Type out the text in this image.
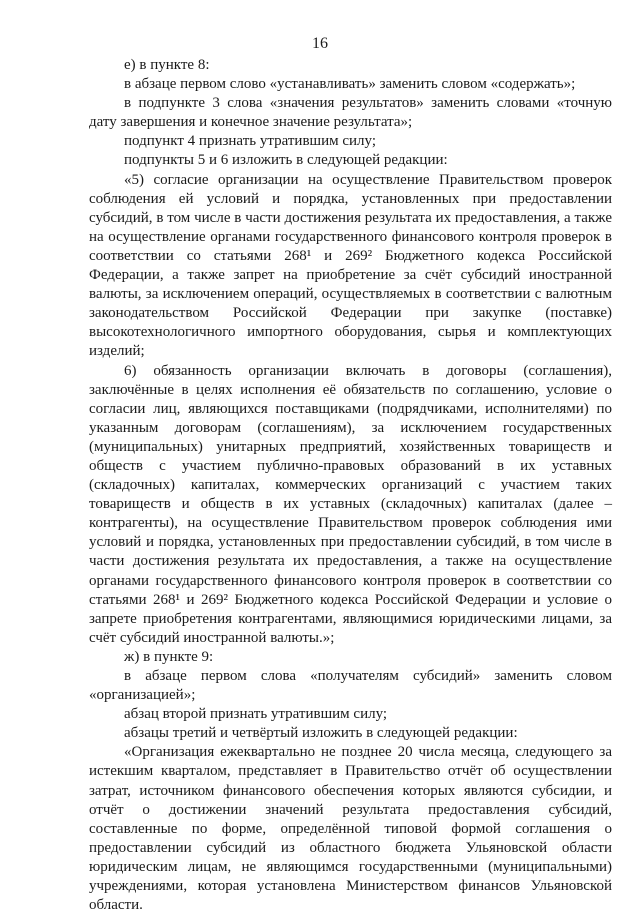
16

е) в пункте 8:

в абзаце первом слово «устанавливать» заменить словом «содержать»;

в подпункте 3 слова «значения результатов» заменить словами «точную дату завершения и конечное значение результата»;

подпункт 4 признать утратившим силу;

подпункты 5 и 6 изложить в следующей редакции:

«5) согласие организации на осуществление Правительством проверок соблюдения ей условий и порядка, установленных при предоставлении субсидий, в том числе в части достижения результата их предоставления, а также на осуществление органами государственного финансового контроля проверок в соответствии со статьями 268¹ и 269² Бюджетного кодекса Российской Федерации, а также запрет на приобретение за счёт субсидий иностранной валюты, за исключением операций, осуществляемых в соответствии с валютным законодательством Российской Федерации при закупке (поставке) высокотехнологичного импортного оборудования, сырья и комплектующих изделий;

6) обязанность организации включать в договоры (соглашения), заключённые в целях исполнения её обязательств по соглашению, условие о согласии лиц, являющихся поставщиками (подрядчиками, исполнителями) по указанным договорам (соглашениям), за исключением государственных (муниципальных) унитарных предприятий, хозяйственных товариществ и обществ с участием публично-правовых образований в их уставных (складочных) капиталах, коммерческих организаций с участием таких товариществ и обществ в их уставных (складочных) капиталах (далее – контрагенты), на осуществление Правительством проверок соблюдения ими условий и порядка, установленных при предоставлении субсидий, в том числе в части достижения результата их предоставления, а также на осуществление органами государственного финансового контроля проверок в соответствии со статьями 268¹ и 269² Бюджетного кодекса Российской Федерации и условие о запрете приобретения контрагентами, являющимися юридическими лицами, за счёт субсидий иностранной валюты.»;

ж) в пункте 9:

в абзаце первом слова «получателям субсидий» заменить словом «организацией»;

абзац второй признать утратившим силу;

абзацы третий и четвёртый изложить в следующей редакции:

«Организация ежеквартально не позднее 20 числа месяца, следующего за истекшим кварталом, представляет в Правительство отчёт об осуществлении затрат, источником финансового обеспечения которых являются субсидии, и отчёт о достижении значений результата предоставления субсидий, составленные по форме, определённой типовой формой соглашения о предоставлении субсидий из областного бюджета Ульяновской области юридическим лицам, не являющимся государственными (муниципальными) учреждениями, которая установлена Министерством финансов Ульяновской области.
